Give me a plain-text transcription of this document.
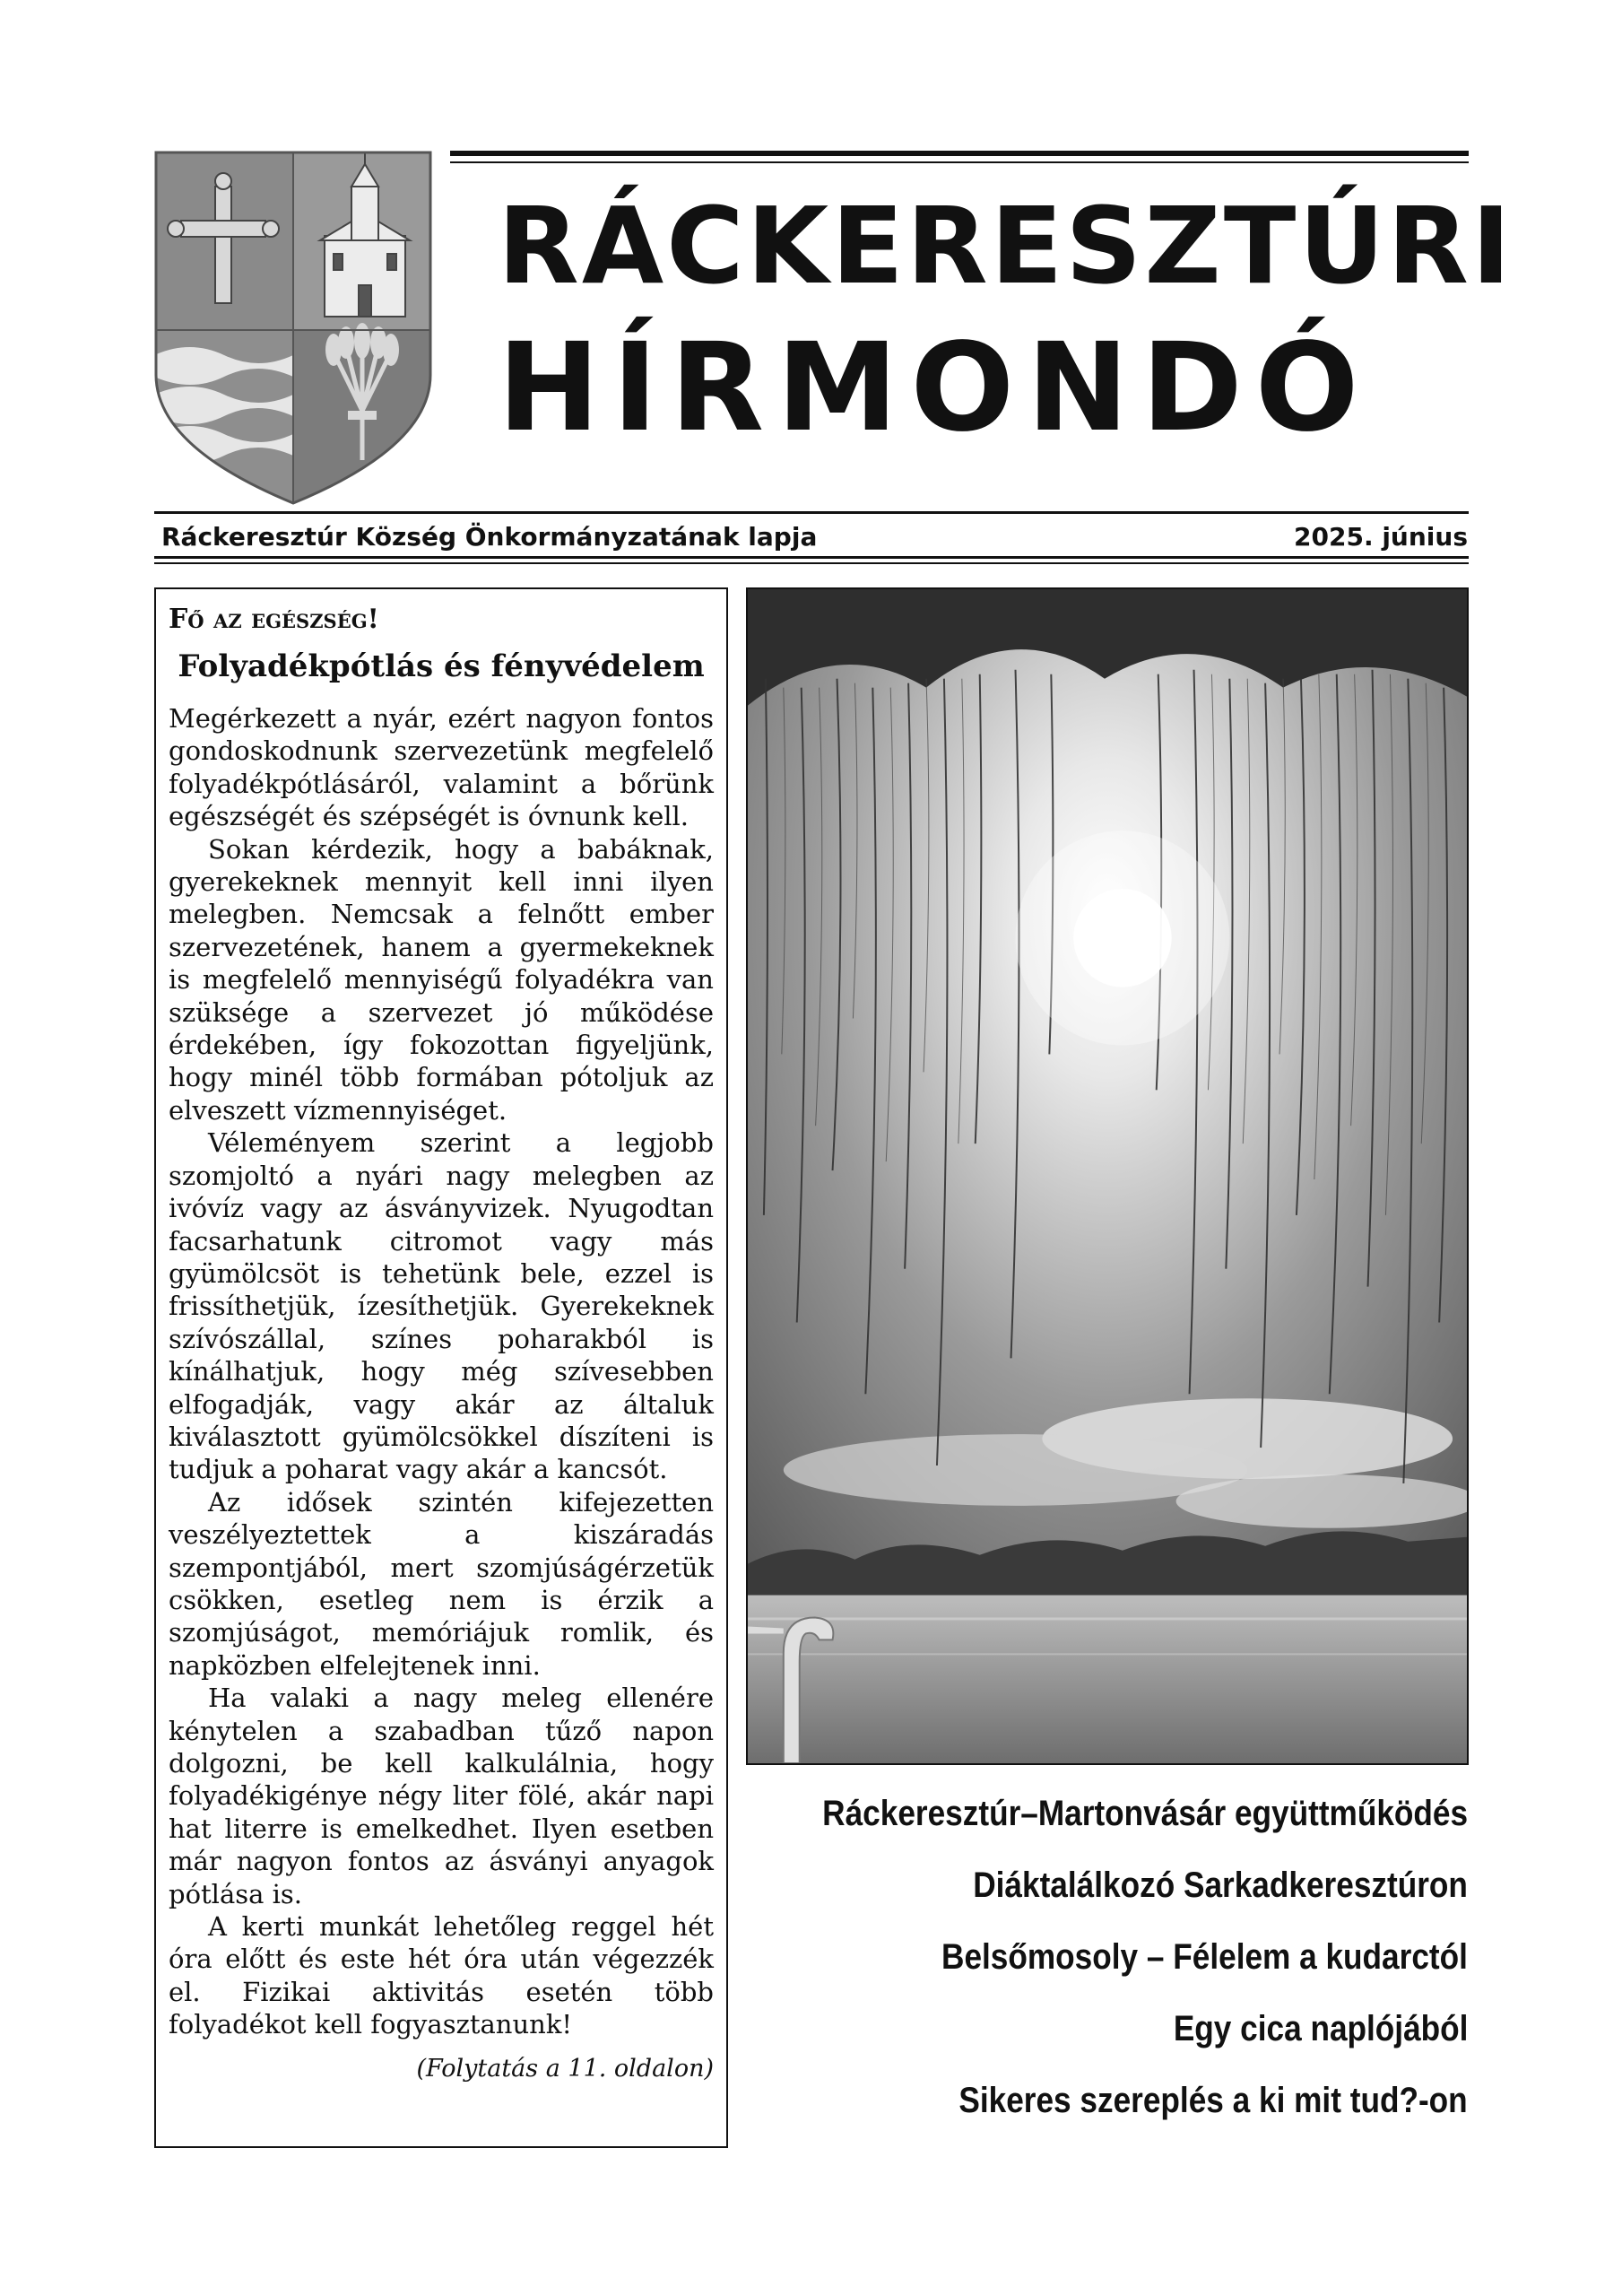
RÁCKERESZTÚRI
HÍRMONDÓ
Ráckeresztúr Község Önkormányzatának lapja	2025. június

Fő az egészség!

Folyadékpótlás és fényvédelem

Megérkezett a nyár, ezért nagyon fontos gondoskodnunk szervezetünk megfelelő folyadékpótlásáról, valamint a bőrünk egészségét és szépségét is óvnunk kell.

Sokan kérdezik, hogy a babáknak, gyerekeknek mennyit kell inni ilyen melegben. Nemcsak a felnőtt ember szervezetének, hanem a gyermekeknek is megfelelő mennyiségű folyadékra van szüksége a szervezet jó működése érdekében, így fokozottan figyeljünk, hogy minél több formában pótoljuk az elveszett vízmennyiséget.

Véleményem szerint a legjobb szomjoltó a nyári nagy melegben az ivóvíz vagy az ásványvizek. Nyugodtan facsarhatunk citromot vagy más gyümölcsöt is tehetünk bele, ezzel is frissíthetjük, ízesíthetjük. Gyerekeknek szívószállal, színes poharakból is kínálhatjuk, hogy még szívesebben elfogadják, vagy akár az általuk kiválasztott gyümölcsökkel díszíteni is tudjuk a poharat vagy akár a kancsót.

Az idősek szintén kifejezetten veszélyeztettek a kiszáradás szempontjából, mert szomjúságérzetük csökken, esetleg nem is érzik a szomjúságot, memóriájuk romlik, és napközben elfelejtenek inni.

Ha valaki a nagy meleg ellenére kénytelen a szabadban tűző napon dolgozni, be kell kalkulálnia, hogy folyadékigénye négy liter fölé, akár napi hat literre is emelkedhet. Ilyen esetben már nagyon fontos az ásványi anyagok pótlása is.

A kerti munkát lehetőleg reggel hét óra előtt és este hét óra után végezzék el. Fizikai aktivitás esetén több folyadékot kell fogyasztanunk!

(Folytatás a 11. oldalon)
Ráckeresztúr–Martonvásár együttműködés
Diáktalálkozó Sarkadkeresztúron
Belsőmosoly – Félelem a kudarctól
Egy cica naplójából
Sikeres szereplés a ki mit tud?-on
